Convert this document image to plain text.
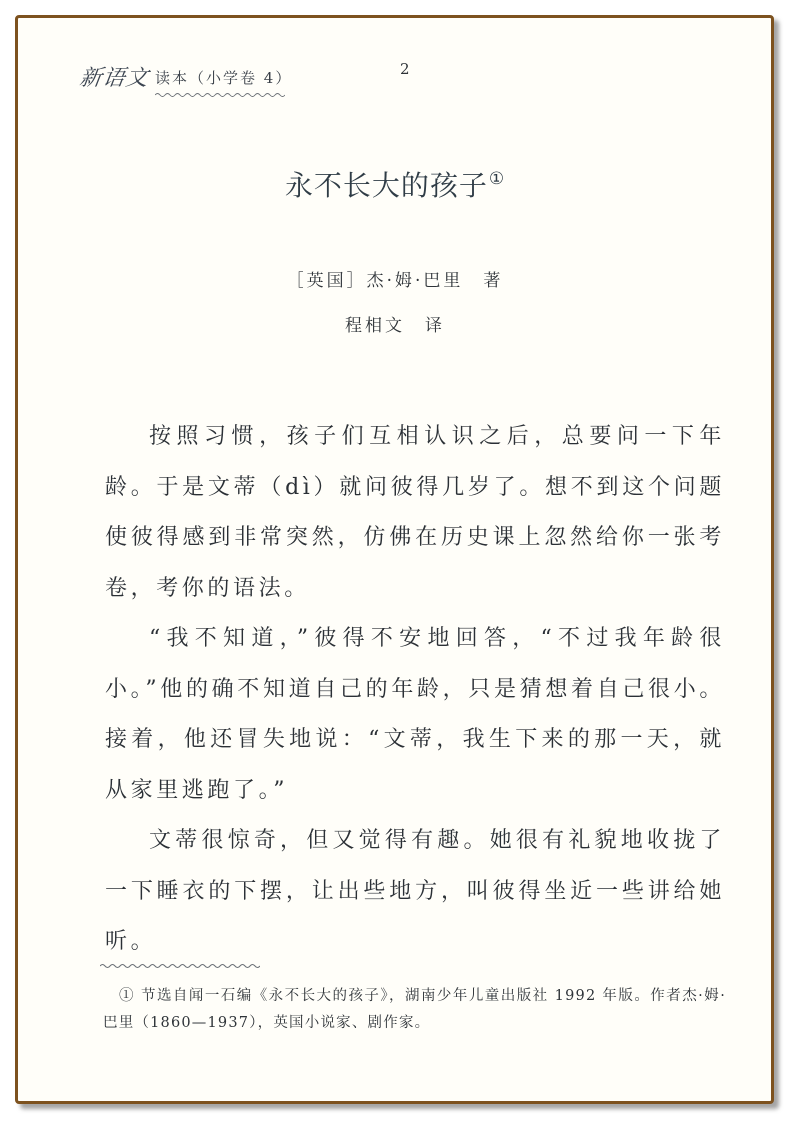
新语文 读本（小学卷 4）	2
永不长大的孩子①
［英国］杰·姆·巴里　著
程相文　译

按照习惯，孩子们互相认识之后，总要问一下年龄。于是文蒂（dì）就问彼得几岁了。想不到这个问题使彼得感到非常突然，仿佛在历史课上忽然给你一张考卷，考你的语法。

“我不知道，”彼得不安地回答，“不过我年龄很小。”他的确不知道自己的年龄，只是猜想着自己很小。接着，他还冒失地说：“文蒂，我生下来的那一天，就从家里逃跑了。”

文蒂很惊奇，但又觉得有趣。她很有礼貌地收拢了一下睡衣的下摆，让出些地方，叫彼得坐近一些讲给她听。

① 节选自闻一石编《永不长大的孩子》，湖南少年儿童出版社 1992 年版。作者杰·姆·巴里（1860—1937），英国小说家、剧作家。
